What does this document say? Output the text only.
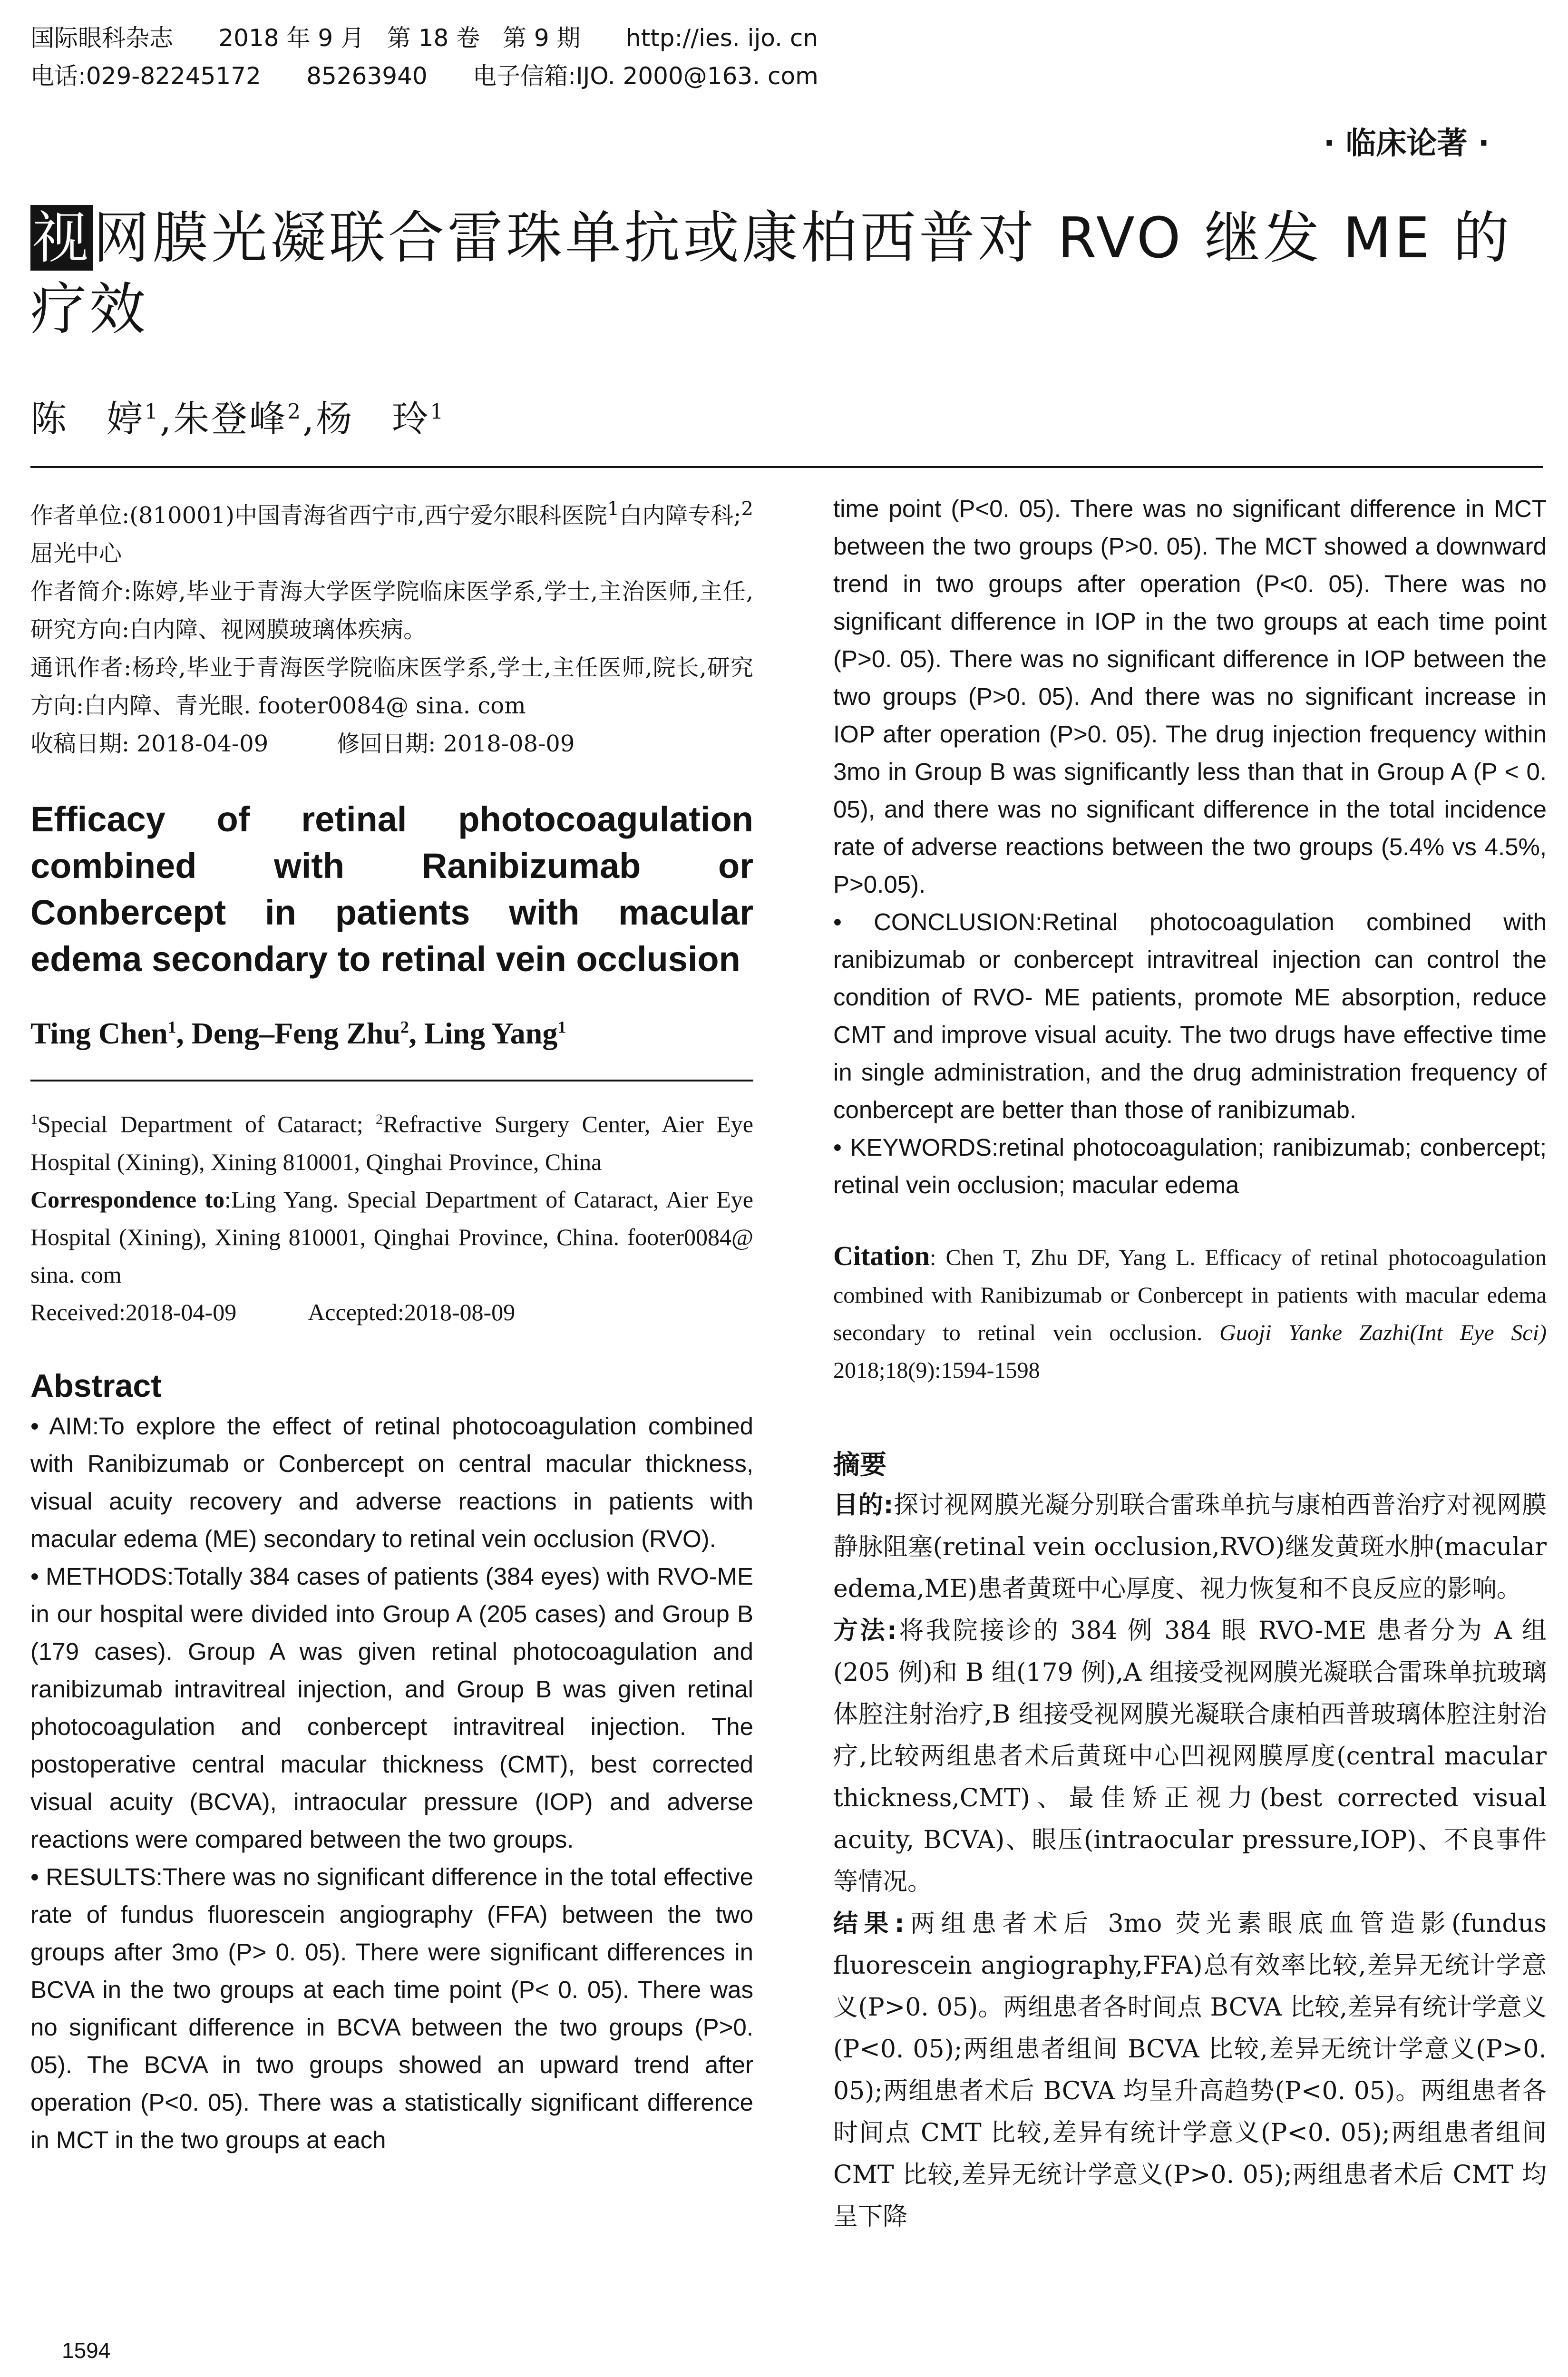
国际眼科杂志 2018 年 9 月 第 18 卷 第 9 期 http://ies. ijo. cn
电话:029-82245172 85263940 电子信箱:IJO. 2000@163. com
· 临床论著 ·
视网膜光凝联合雷珠单抗或康柏西普对 RVO 继发 ME 的疗效
陈　婷$^1$,朱登峰$^2$,杨　玲$^1$

作者单位:(810001)中国青海省西宁市,西宁爱尔眼科医院$^1$白内障专科;$^2$屈光中心

作者简介:陈婷,毕业于青海大学医学院临床医学系,学士,主治医师,主任,研究方向:白内障、视网膜玻璃体疾病。

通讯作者:杨玲,毕业于青海医学院临床医学系,学士,主任医师,院长,研究方向:白内障、青光眼. footer0084@ sina. com

收稿日期: 2018-04-09　　　	修回日期: 2018-08-09

Efficacy of retinal photocoagulation combined with Ranibizumab or Conbercept in patients with macular edema secondary to retinal vein occlusion
Ting Chen$^1$, Deng–Feng Zhu$^2$, Ling Yang$^1$

$^1$Special Department of Cataract; $^2$Refractive Surgery Center, Aier Eye Hospital (Xining), Xining 810001, Qinghai Province, China

Correspondence to:Ling Yang. Special Department of Cataract, Aier Eye Hospital (Xining), Xining 810001, Qinghai Province, China. footer0084@ sina. com

Received:2018-04-09　　　	Accepted:2018-08-09

Abstract

• AIM:To explore the effect of retinal photocoagulation combined with Ranibizumab or Conbercept on central macular thickness, visual acuity recovery and adverse reactions in patients with macular edema (ME) secondary to retinal vein occlusion (RVO).

• METHODS:Totally 384 cases of patients (384 eyes) with RVO-ME in our hospital were divided into Group A (205 cases) and Group B (179 cases). Group A was given retinal photocoagulation and ranibizumab intravitreal injection, and Group B was given retinal photocoagulation and conbercept intravitreal injection. The postoperative central macular thickness (CMT), best corrected visual acuity (BCVA), intraocular pressure (IOP) and adverse reactions were compared between the two groups.

• RESULTS:There was no significant difference in the total effective rate of fundus fluorescein angiography (FFA) between the two groups after 3mo (P> 0. 05). There were significant differences in BCVA in the two groups at each time point (P< 0. 05). There was no significant difference in BCVA between the two groups (P>0. 05). The BCVA in two groups showed an upward trend after operation (P<0. 05). There was a statistically significant difference in MCT in the two groups at each

time point (P<0. 05). There was no significant difference in MCT between the two groups (P>0. 05). The MCT showed a downward trend in two groups after operation (P<0. 05). There was no significant difference in IOP in the two groups at each time point (P>0. 05). There was no significant difference in IOP between the two groups (P>0. 05). And there was no significant increase in IOP after operation (P>0. 05). The drug injection frequency within 3mo in Group B was significantly less than that in Group A (P < 0. 05), and there was no significant difference in the total incidence rate of adverse reactions between the two groups (5.4% vs 4.5%, P>0.05).

• CONCLUSION:Retinal photocoagulation combined with ranibizumab or conbercept intravitreal injection can control the condition of RVO- ME patients, promote ME absorption, reduce CMT and improve visual acuity. The two drugs have effective time in single administration, and the drug administration frequency of conbercept are better than those of ranibizumab.

• KEYWORDS:retinal photocoagulation; ranibizumab; conbercept; retinal vein occlusion; macular edema

Citation: Chen T, Zhu DF, Yang L. Efficacy of retinal photocoagulation combined with Ranibizumab or Conbercept in patients with macular edema secondary to retinal vein occlusion. Guoji Yanke Zazhi(Int Eye Sci) 2018;18(9):1594-1598

摘要

目的:探讨视网膜光凝分别联合雷珠单抗与康柏西普治疗对视网膜静脉阻塞(retinal vein occlusion,RVO)继发黄斑水肿(macular edema,ME)患者黄斑中心厚度、视力恢复和不良反应的影响。

方法:将我院接诊的 384 例 384 眼 RVO-ME 患者分为 A 组(205 例)和 B 组(179 例),A 组接受视网膜光凝联合雷珠单抗玻璃体腔注射治疗,B 组接受视网膜光凝联合康柏西普玻璃体腔注射治疗,比较两组患者术后黄斑中心凹视网膜厚度(central macular thickness,CMT)、最佳矫正视力(best corrected visual acuity, BCVA)、眼压(intraocular pressure,IOP)、不良事件等情况。

结果:两组患者术后 3mo 荧光素眼底血管造影(fundus fluorescein angiography,FFA)总有效率比较,差异无统计学意义(P>0. 05)。两组患者各时间点 BCVA 比较,差异有统计学意义(P<0. 05);两组患者组间 BCVA 比较,差异无统计学意义(P>0. 05);两组患者术后 BCVA 均呈升高趋势(P<0. 05)。两组患者各时间点 CMT 比较,差异有统计学意义(P<0. 05);两组患者组间 CMT 比较,差异无统计学意义(P>0. 05);两组患者术后 CMT 均呈下降

1594
